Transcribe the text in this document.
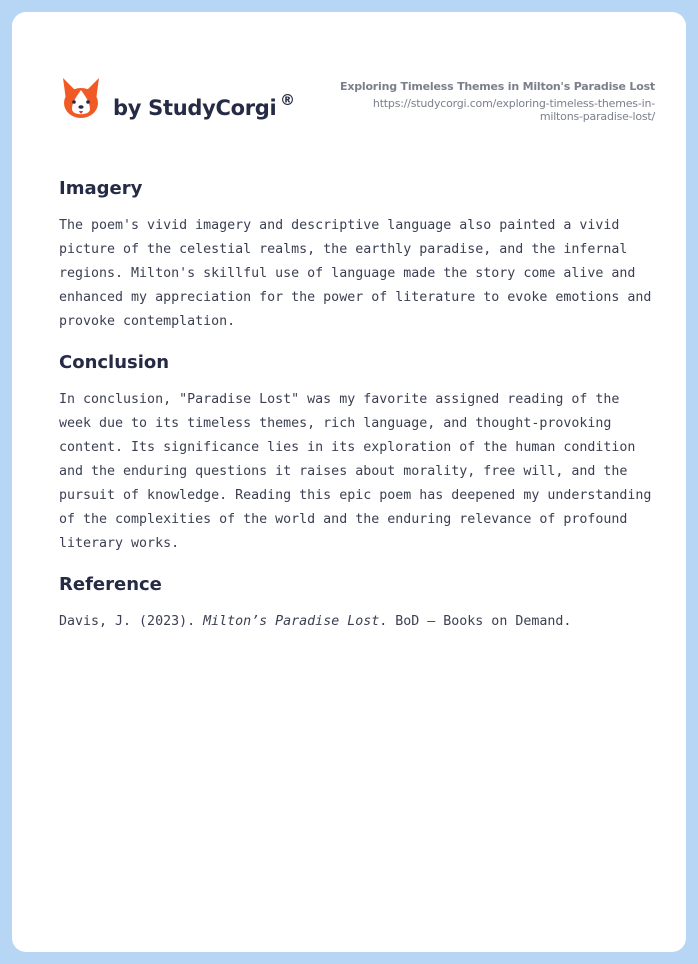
by StudyCorgi ®
Exploring Timeless Themes in Milton's Paradise Lost
https://studycorgi.com/exploring-timeless-themes-in-
miltons-paradise-lost/
Imagery

The poem's vivid imagery and descriptive language also painted a vivid picture of the celestial realms, the earthly paradise, and the infernal regions. Milton's skillful use of language made the story come alive and enhanced my appreciation for the power of literature to evoke emotions and provoke contemplation.

Conclusion

In conclusion, "Paradise Lost" was my favorite assigned reading of the week due to its timeless themes, rich language, and thought-provoking content. Its significance lies in its exploration of the human condition and the enduring questions it raises about morality, free will, and the pursuit of knowledge. Reading this epic poem has deepened my understanding of the complexities of the world and the enduring relevance of profound literary works.

Reference

Davis, J. (2023). Milton’s Paradise Lost. BoD – Books on Demand.
